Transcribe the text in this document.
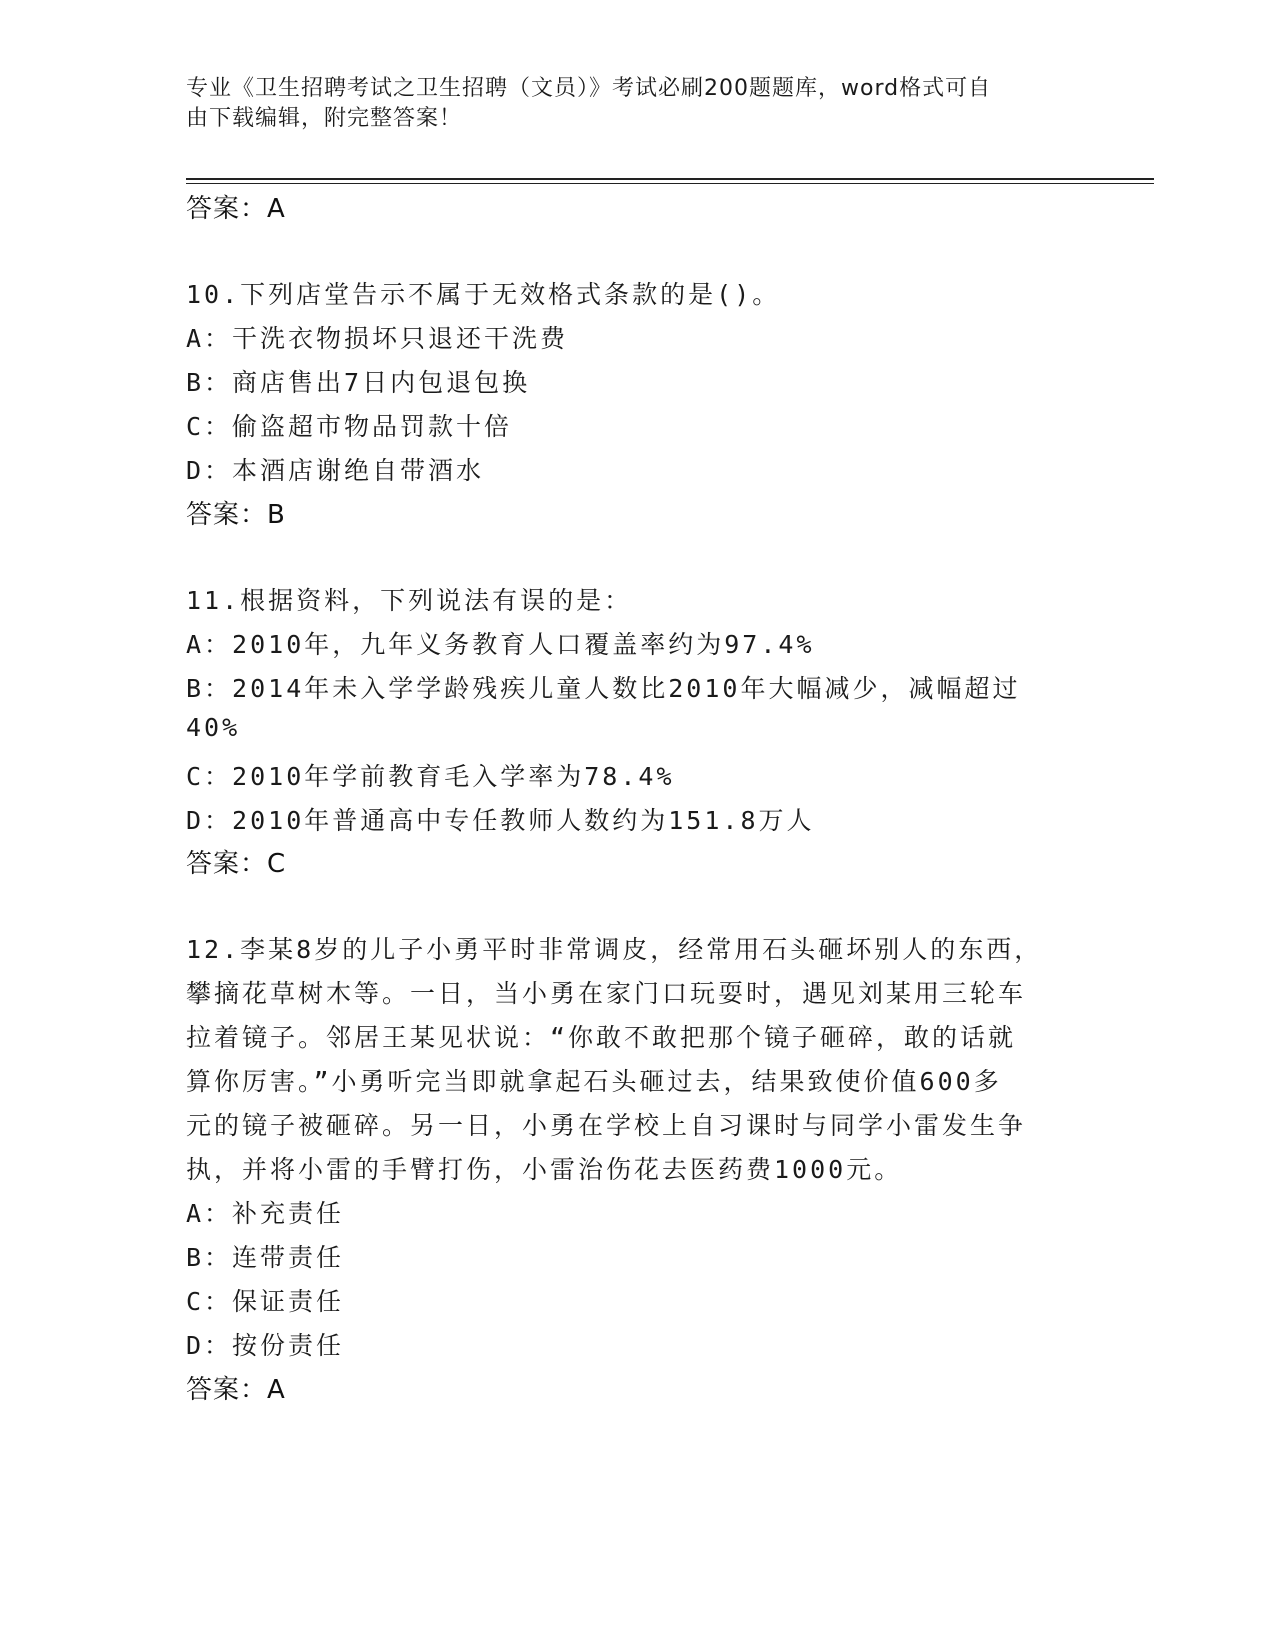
专业《卫生招聘考试之卫生招聘（文员）》考试必刷200题题库，word格式可自
由下载编辑，附完整答案！
答案：A
10.下列店堂告示不属于无效格式条款的是()。
A：干洗衣物损坏只退还干洗费
B：商店售出7日内包退包换
C：偷盗超市物品罚款十倍
D：本酒店谢绝自带酒水
答案：B
11.根据资料，下列说法有误的是：
A：2010年，九年义务教育人口覆盖率约为97.4%
B：2014年未入学学龄残疾儿童人数比2010年大幅减少，减幅超过
40%
C：2010年学前教育毛入学率为78.4%
D：2010年普通高中专任教师人数约为151.8万人
答案：C
12.李某8岁的儿子小勇平时非常调皮，经常用石头砸坏别人的东西，
攀摘花草树木等。一日，当小勇在家门口玩耍时，遇见刘某用三轮车
拉着镜子。邻居王某见状说：“你敢不敢把那个镜子砸碎，敢的话就
算你厉害。”小勇听完当即就拿起石头砸过去，结果致使价值600多
元的镜子被砸碎。另一日，小勇在学校上自习课时与同学小雷发生争
执，并将小雷的手臂打伤，小雷治伤花去医药费1000元。
A：补充责任
B：连带责任
C：保证责任
D：按份责任
答案：A
